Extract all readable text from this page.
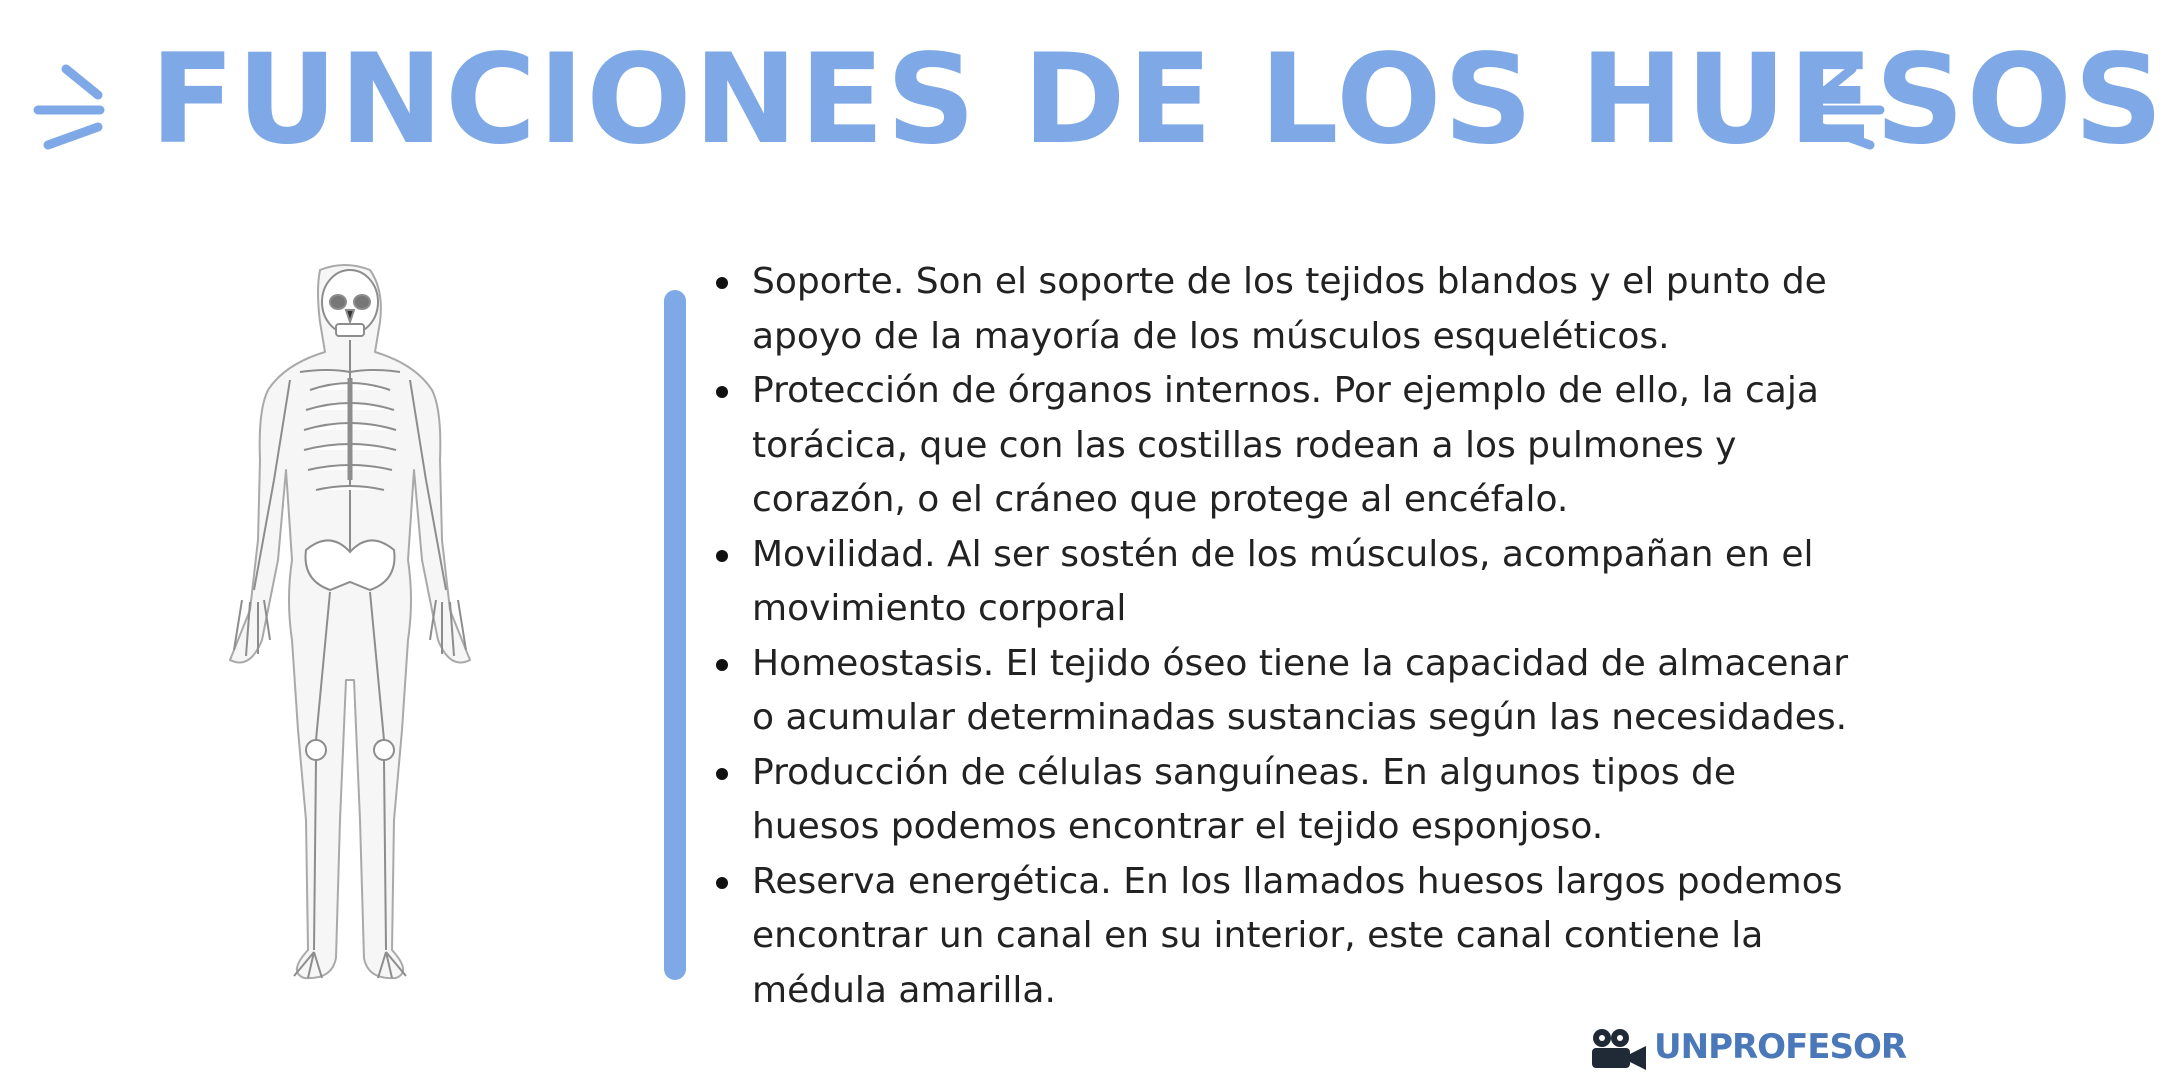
FUNCIONES DE LOS HUESOS
Soporte. Son el soporte de los tejidos blandos y el punto de apoyo de la mayoría de los músculos esqueléticos.
Protección de órganos internos. Por ejemplo de ello, la caja torácica, que con las costillas rodean a los pulmones y corazón, o el cráneo que protege al encéfalo.
Movilidad. Al ser sostén de los músculos, acompañan en el movimiento corporal
Homeostasis. El tejido óseo tiene la capacidad de almacenar o acumular determinadas sustancias según las necesidades.
Producción de células sanguíneas. En algunos tipos de huesos podemos encontrar el tejido esponjoso.
Reserva energética. En los llamados huesos largos podemos encontrar un canal en su interior, este canal contiene la médula amarilla.
UNPROFESOR
